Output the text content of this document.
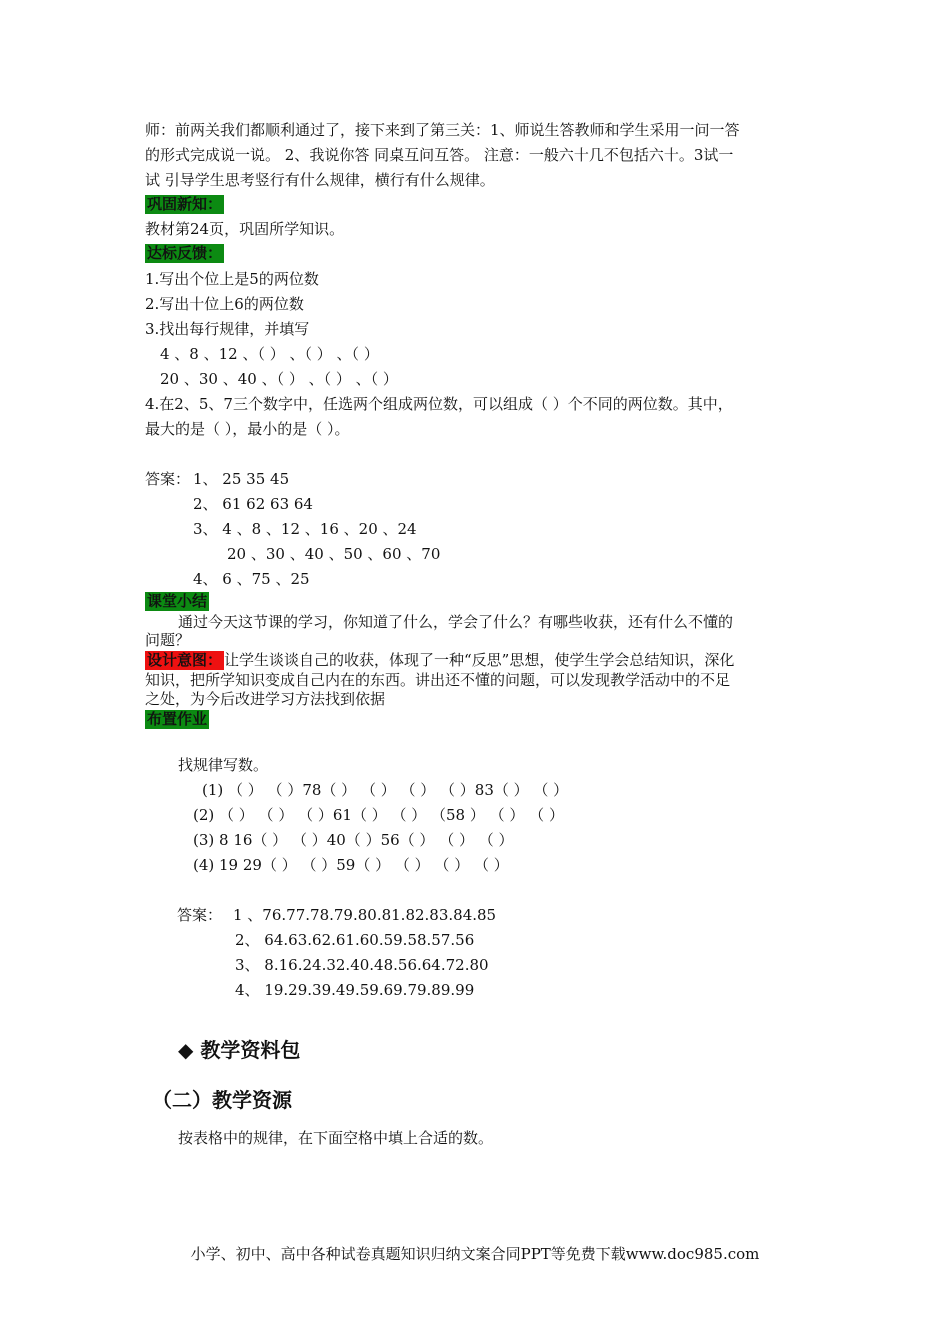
师：前两关我们都顺利通过了，接下来到了第三关：1、师说生答教师和学生采用一问一答
的形式完成说一说。 2、我说你答 同桌互问互答。 注意：一般六十几不包括六十。3试一
试 引导学生思考竖行有什么规律，横行有什么规律。
巩固新知：
教材第24页，巩固所学知识。
达标反馈：
1.写出个位上是5的两位数
2.写出十位上6的两位数
3.找出每行规律，并填写
4 、8 、12 、（ ） 、（ ） 、（ ）
20 、30 、40 、（ ） 、（ ） 、（ ）
4.在2、5、7三个数字中，任选两个组成两位数，可以组成（ ）个不同的两位数。其中，
最大的是（ ），最小的是（ ）。
答案： 1、 25 35 45
2、 61 62 63 64
3、 4 、8 、12 、16 、20 、24
20 、30 、40 、50 、60 、70
4、 6 、75 、25
课堂小结
通过今天这节课的学习，你知道了什么，学会了什么？有哪些收获，还有什么不懂的
问题？
设计意图： 让学生谈谈自己的收获，体现了一种“反思”思想，使学生学会总结知识，深化
知识，把所学知识变成自己内在的东西。讲出还不懂的问题，可以发现教学活动中的不足
之处，为今后改进学习方法找到依据
布置作业
找规律写数。
(1) （ ） （ ）78（ ） （ ） （ ） （ ）83（ ） （ ）
(2) （ ） （ ） （ ）61（ ） （ ） （58 ） （ ） （ ）
(3) 8 16（ ） （ ）40（ ）56（ ） （ ） （ ）
(4) 19 29（ ） （ ）59（ ） （ ） （ ） （ ）
答案： 1 、76.77.78.79.80.81.82.83.84.85
2、 64.63.62.61.60.59.58.57.56
3、 8.16.24.32.40.48.56.64.72.80
4、 19.29.39.49.59.69.79.89.99
◆ 教学资料包
（二）教学资源
按表格中的规律，在下面空格中填上合适的数。
小学、初中、高中各种试卷真题知识归纳文案合同PPT等免费下载www.doc985.com
